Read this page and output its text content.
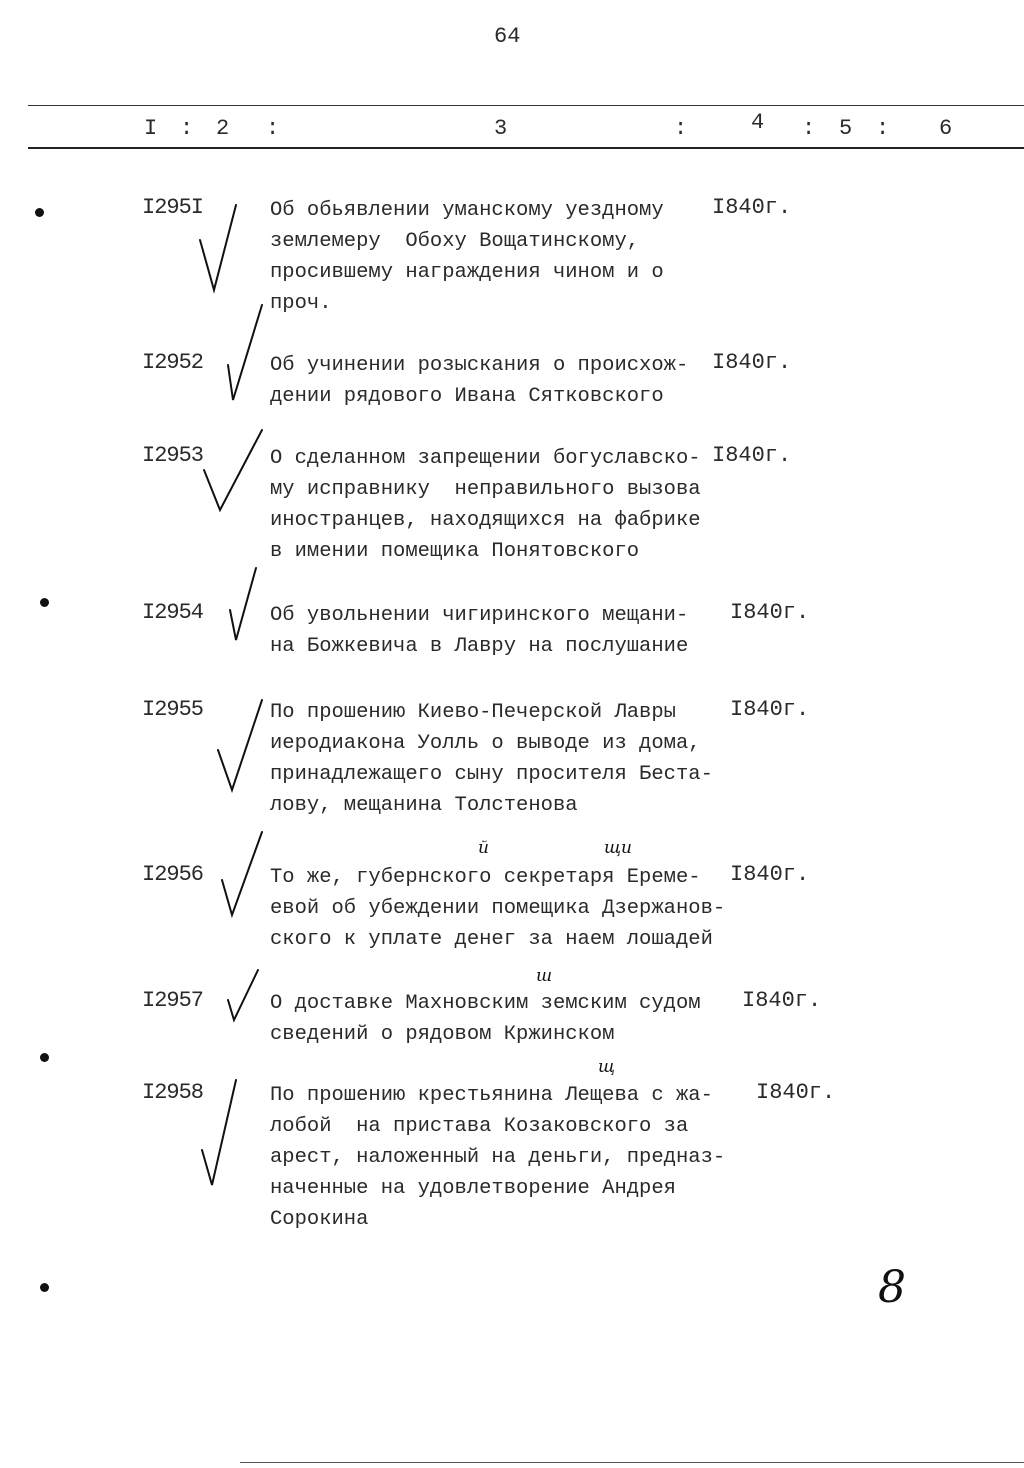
64
I : 2 :	3	:	4 : 5 : 6
I295I	Об обьявлении уманскому уездному
землемеру  Обоху Вощатинскому,
просившему награждения чином и о
проч.
I840г.
I2952	Об учинении розыскания о происхож-
дении рядового Ивана Сятковского
I840г.
I2953	О сделанном запрещении богуславско-
му исправнику  неправильного вызова
иностранцев, находящихся на фабрике
в имении помещика Понятовского
I840г.
I2954	Об увольнении чигиринского мещани-
на Божкевича в Лавру на послушание
I840г.
I2955	По прошению Киево-Печерской Лавры
иеродиакона Уолль о выводе из дома,
принадлежащего сыну просителя Беста-
лову, мещанина Толстенова
I840г.
I2956	То же, губернского секретаря Ереме-
евой об убеждении помещика Дзержанов-
ского к уплате денег за наем лошадей
I840г.
I2957	О доставке Махновским земским судом
сведений о рядовом Кржинском
I840г.
I2958	По прошению крестьянина Лещева с жа-
лобой  на пристава Козаковского за
арест, наложенный на деньги, предназ-
наченные на удовлетворение Андрея
Сорокина
I840г.
й	щи
ш
щ
8
